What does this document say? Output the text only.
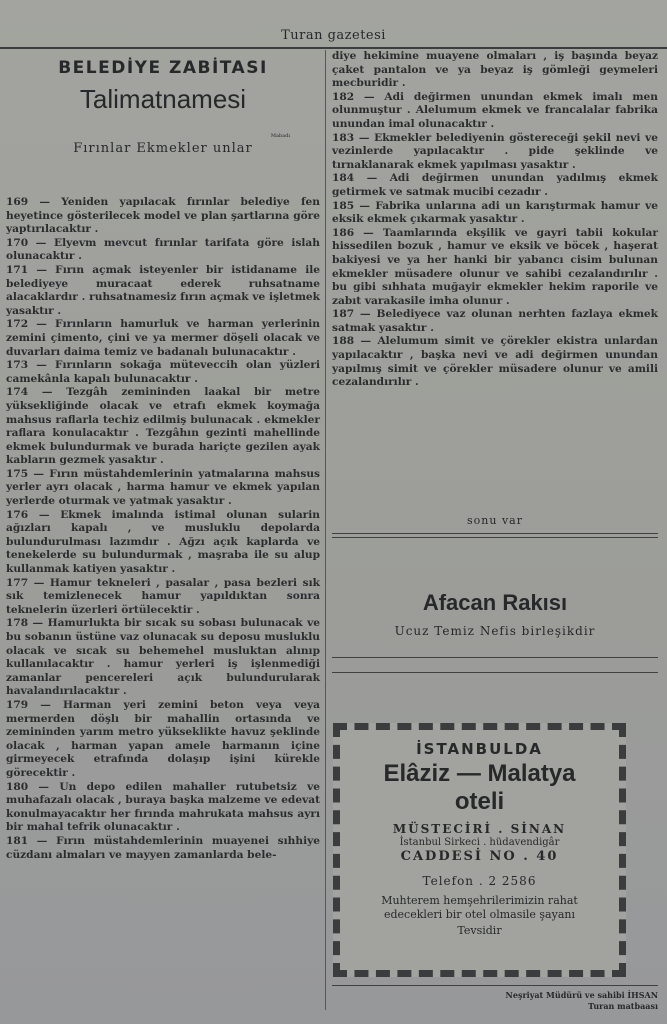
Turan gazetesi
BELEDİYE ZABİTASI
Talimatnamesi
Mabadı
Fırınlar Ekmekler unlar
169 — Yeniden yapılacak fırınlar belediye fen heyetince gösterilecek model ve plan şartlarına göre yaptırılacaktır .
170 — Elyevm mevcut fırınlar tarifata göre islah olunacaktır .
171 — Fırın açmak isteyenler bir istidaname ile belediyeye muracaat ederek ruhsatname alacaklardır . ruhsatnamesiz fırın açmak ve işletmek yasaktır .
172 — Fırınların hamurluk ve harman yerlerinin zemini çimento, çini ve ya mermer döşeli olacak ve duvarları daima temiz ve badanalı bulunacaktır .
173 — Fırınların sokağa müteveccih olan yüzleri camekânla kapalı bulunacaktır .
174 — Tezgâh zemininden laakal bir metre yüksekliğinde olacak ve etrafı ekmek koymağa mahsus raflarla techiz edilmiş bulunacak . ekmekler raflara konulacaktır . Tezgâhın gezinti mahellinde ekmek bulundurmak ve burada hariçte gezilen ayak kabların gezmek yasaktır .
175 — Fırın müstahdemlerinin yatmalarına mahsus yerler ayrı olacak , harma hamur ve ekmek yapılan yerlerde oturmak ve yatmak yasaktır .
176 — Ekmek imalında istimal olunan sularin ağızları kapalı , ve musluklu depolarda bulundurulması lazımdır . Ağzı açık kaplarda ve tenekelerde su bulundurmak , maşraba ile su alup kullanmak katiyen yasaktır .
177 — Hamur tekneleri , pasalar , pasa bezleri sık sık temizlenecek hamur yapıldıktan sonra teknelerin üzerleri örtülecektir .
178 — Hamurlukta bir sıcak su sobası bulunacak ve bu sobanın üstüne vaz olunacak su deposu musluklu olacak ve sıcak su behemehel musluktan alınıp kullanılacaktır . hamur yerleri iş işlenmediği zamanlar pencereleri açık bulundurularak havalandırılacaktır .
179 — Harman yeri zemini beton veya veya mermerden döşlı bir mahallin ortasında ve zemininden yarım metro yükseklikte havuz şeklinde olacak , harman yapan amele harmanın içine girmeyecek etrafında dolaşıp işini kürekle görecektir .
180 — Un depo edilen mahaller rutubetsiz ve muhafazalı olacak , buraya başka malzeme ve edevat konulmayacaktır her fırında mahrukata mahsus ayrı bir mahal tefrik olunacaktır .
181 — Fırın müstahdemlerinin muayenei sıhhiye cüzdanı almaları ve mayyen zamanlarda bele-
diye hekimine muayene olmaları , iş başında beyaz çaket pantalon ve ya beyaz iş gömleği geymeleri mecburidir .
182 — Adi değirmen unundan ekmek imalı men olunmuştur . Alelumum ekmek ve francalalar fabrika unundan imal olunacaktır .
183 — Ekmekler belediyenin göstereceği şekil nevi ve vezinlerde yapılacaktır . pide şeklinde ve tırnaklanarak ekmek yapılması yasaktır .
184 — Adi değirmen unundan yadılmış ekmek getirmek ve satmak mucibi cezadır .
185 — Fabrika unlarına adi un karıştırmak hamur ve eksik ekmek çıkarmak yasaktır .
186 — Taamlarında ekşilik ve gayri tabii kokular hissedilen bozuk , hamur ve eksik ve böcek , haşerat bakiyesi ve ya her hanki bir yabancı cisim bulunan ekmekler müsadere olunur ve sahibi cezalandırılır . bu gibi sıhhata muğayir ekmekler hekim raporile ve zabıt varakasile imha olunur .
187 — Belediyece vaz olunan nerhten fazlaya ekmek satmak yasaktır .
188 — Alelumum simit ve çörekler ekistra unlardan yapılacaktır , başka nevi ve adi değirmen unundan yapılmış simit ve çörekler müsadere olunur ve amili cezalandırılır .
sonu var
Afacan Rakısı
Ucuz Temiz Nefis birleşikdir
İSTANBULDA
Elâziz — Malatya
oteli
MÜSTECİRİ . SİNAN
İstanbul Sirkeci . hüdavendigâr
CADDESİ NO . 40
Telefon . 2 2586
Muhterem hemşehrilerimizin rahat edecekleri bir otel olmasile şayanı
Tevsidir
Neşriyat Müdürü ve sahibi İHSAN
Turan matbaası
